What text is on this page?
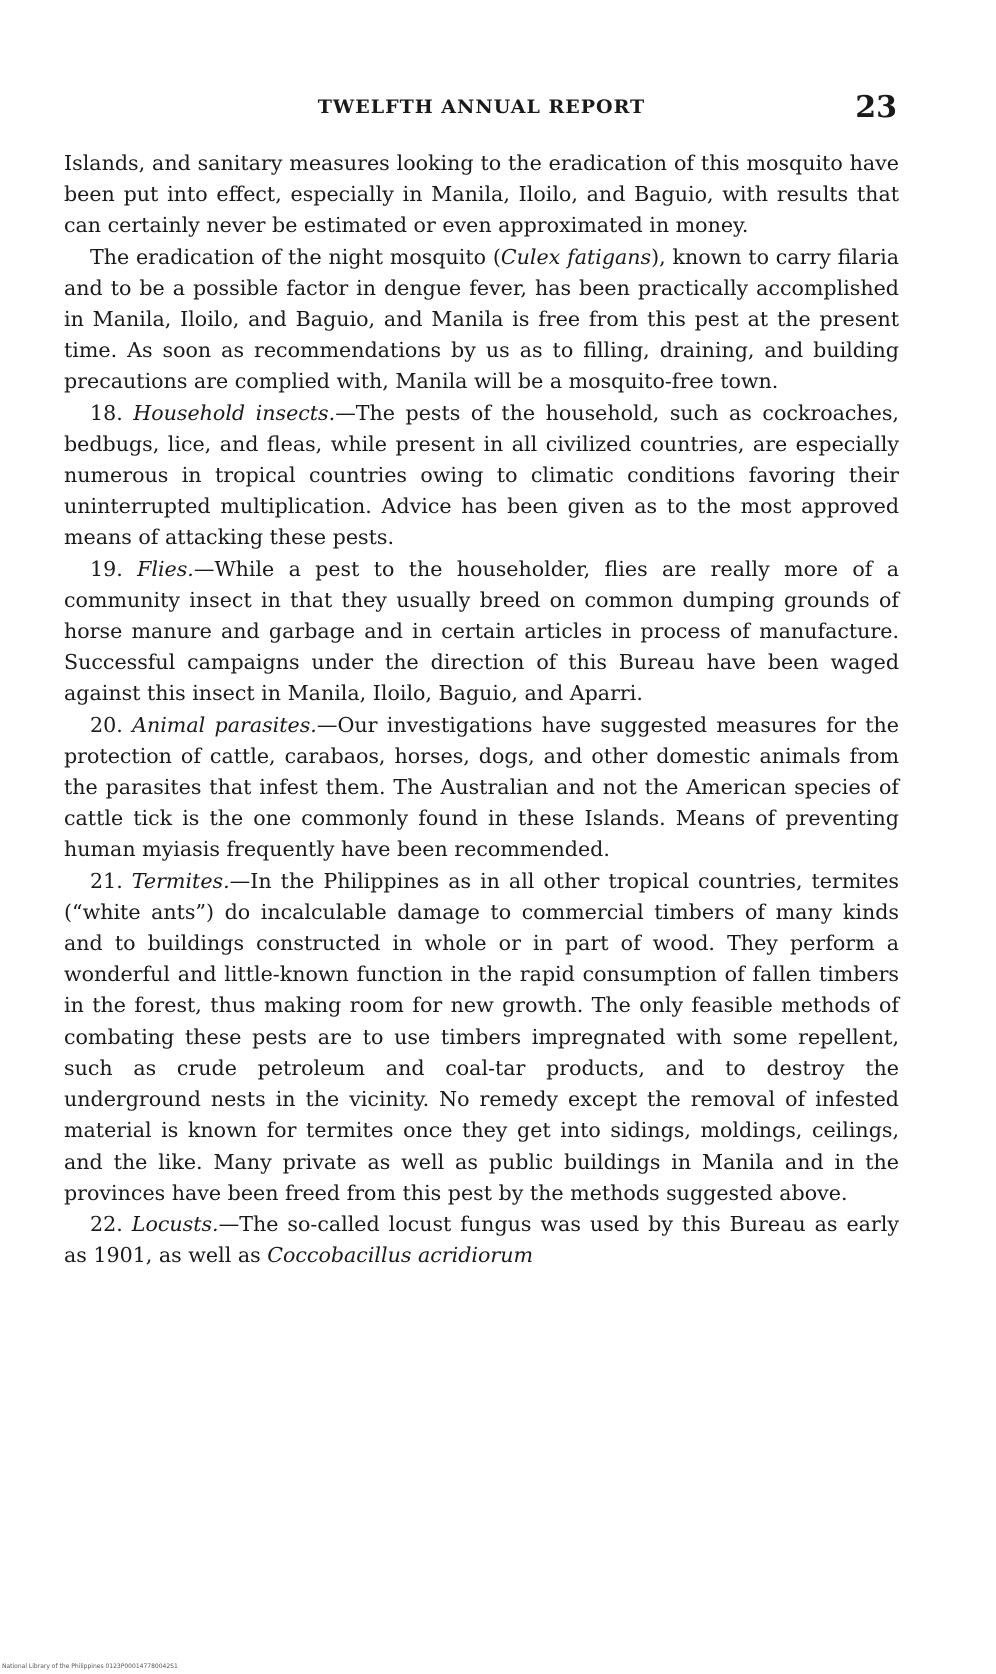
TWELFTH ANNUAL REPORT	23

Islands, and sanitary measures looking to the eradication of this mosquito have been put into effect, especially in Manila, Iloilo, and Baguio, with results that can certainly never be estimated or even approximated in money.

The eradication of the night mosquito (Culex fatigans), known to carry filaria and to be a possible factor in dengue fever, has been practically accomplished in Manila, Iloilo, and Baguio, and Manila is free from this pest at the present time. As soon as recommendations by us as to filling, draining, and building precautions are complied with, Manila will be a mosquito-free town.

18. Household insects.—The pests of the household, such as cockroaches, bedbugs, lice, and fleas, while present in all civilized countries, are especially numerous in tropical countries owing to climatic conditions favoring their uninterrupted multiplication. Advice has been given as to the most approved means of attacking these pests.

19. Flies.—While a pest to the householder, flies are really more of a community insect in that they usually breed on common dumping grounds of horse manure and garbage and in certain articles in process of manufacture. Successful campaigns under the direction of this Bureau have been waged against this insect in Manila, Iloilo, Baguio, and Aparri.

20. Animal parasites.—Our investigations have suggested measures for the protection of cattle, carabaos, horses, dogs, and other domestic animals from the parasites that infest them. The Australian and not the American species of cattle tick is the one commonly found in these Islands. Means of preventing human myiasis frequently have been recommended.

21. Termites.—In the Philippines as in all other tropical countries, termites (“white ants”) do incalculable damage to commercial timbers of many kinds and to buildings constructed in whole or in part of wood. They perform a wonderful and little-known function in the rapid consumption of fallen timbers in the forest, thus making room for new growth. The only feasible methods of combating these pests are to use timbers impregnated with some repellent, such as crude petroleum and coal-tar products, and to destroy the underground nests in the vicinity. No remedy except the removal of infested material is known for termites once they get into sidings, moldings, ceilings, and the like. Many private as well as public buildings in Manila and in the provinces have been freed from this pest by the methods suggested above.

22. Locusts.—The so-called locust fungus was used by this Bureau as early as 1901, as well as Coccobacillus acridiorum

National Library of the Philippines 0123P000147780042S1
